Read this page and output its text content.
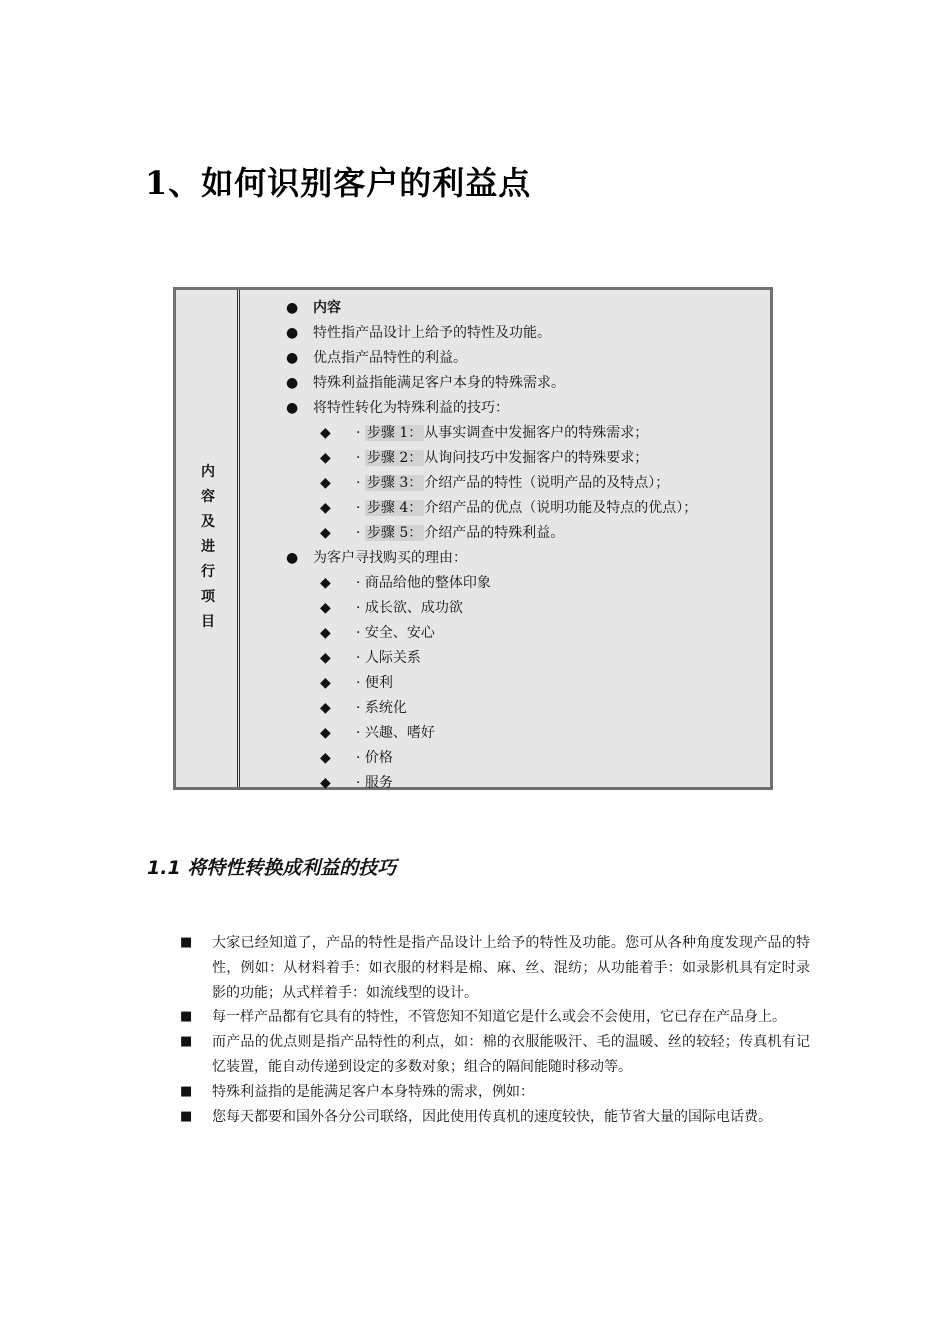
1、如何识别客户的利益点
内
容
及
进
行
项
目
● 内容
● 特性指产品设计上给予的特性及功能。
● 优点指产品特性的利益。
● 特殊利益指能满足客户本身的特殊需求。
● 将特性转化为特殊利益的技巧：
◆ · 步骤 1： 从事实调查中发掘客户的特殊需求；
◆ · 步骤 2： 从询问技巧中发掘客户的特殊要求；
◆ · 步骤 3： 介绍产品的特性（说明产品的及特点）；
◆ · 步骤 4： 介绍产品的优点（说明功能及特点的优点）；
◆ · 步骤 5： 介绍产品的特殊利益。
● 为客户寻找购买的理由：
◆ · 商品给他的整体印象
◆ · 成长欲、成功欲
◆ · 安全、安心
◆ · 人际关系
◆ · 便利
◆ · 系统化
◆ · 兴趣、嗜好
◆ · 价格
◆ · 服务
1.1 将特性转换成利益的技巧
■ 大家已经知道了，产品的特性是指产品设计上给予的特性及功能。您可从各种角度发现产品的特性，例如：从材料着手：如衣服的材料是棉、麻、丝、混纺；从功能着手：如录影机具有定时录影的功能；从式样着手：如流线型的设计。
■ 每一样产品都有它具有的特性，不管您知不知道它是什么或会不会使用，它已存在产品身上。
■ 而产品的优点则是指产品特性的利点，如：棉的衣服能吸汗、毛的温暖、丝的较轻；传真机有记忆装置，能自动传递到设定的多数对象；组合的隔间能随时移动等。
■ 特殊利益指的是能满足客户本身特殊的需求，例如：
■ 您每天都要和国外各分公司联络，因此使用传真机的速度较快，能节省大量的国际电话费。
